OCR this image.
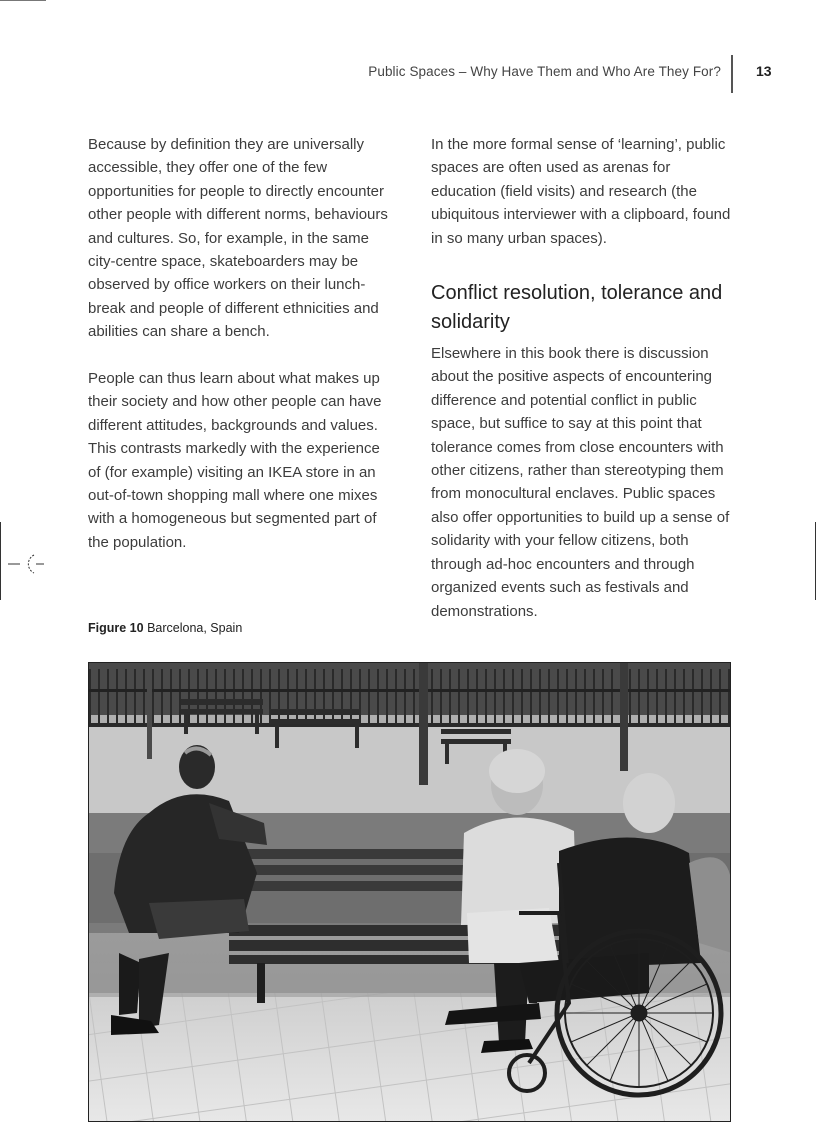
Public Spaces – Why Have Them and Who Are They For?	13

Because by definition they are universally accessible, they offer one of the few opportunities for people to directly encounter other people with different norms, behaviours and cultures. So, for example, in the same city-centre space, skateboarders may be observed by office workers on their lunch-break and people of different ethnicities and abilities can share a bench.

People can thus learn about what makes up their society and how other people can have different attitudes, backgrounds and values. This contrasts markedly with the experience of (for example) visiting an IKEA store in an out-of-town shopping mall where one mixes with a homogeneous but segmented part of the population.

In the more formal sense of ‘learning’, public spaces are often used as arenas for education (field visits) and research (the ubiquitous interviewer with a clipboard, found in so many urban spaces).

Conflict resolution, tolerance and solidarity

Elsewhere in this book there is discussion about the positive aspects of encountering difference and potential conflict in public space, but suffice to say at this point that tolerance comes from close encounters with other citizens, rather than stereotyping them from monocultural enclaves. Public spaces also offer opportunities to build up a sense of solidarity with your fellow citizens, both through ad-hoc encounters and through organized events such as festivals and demonstrations.

Figure 10 Barcelona, Spain
